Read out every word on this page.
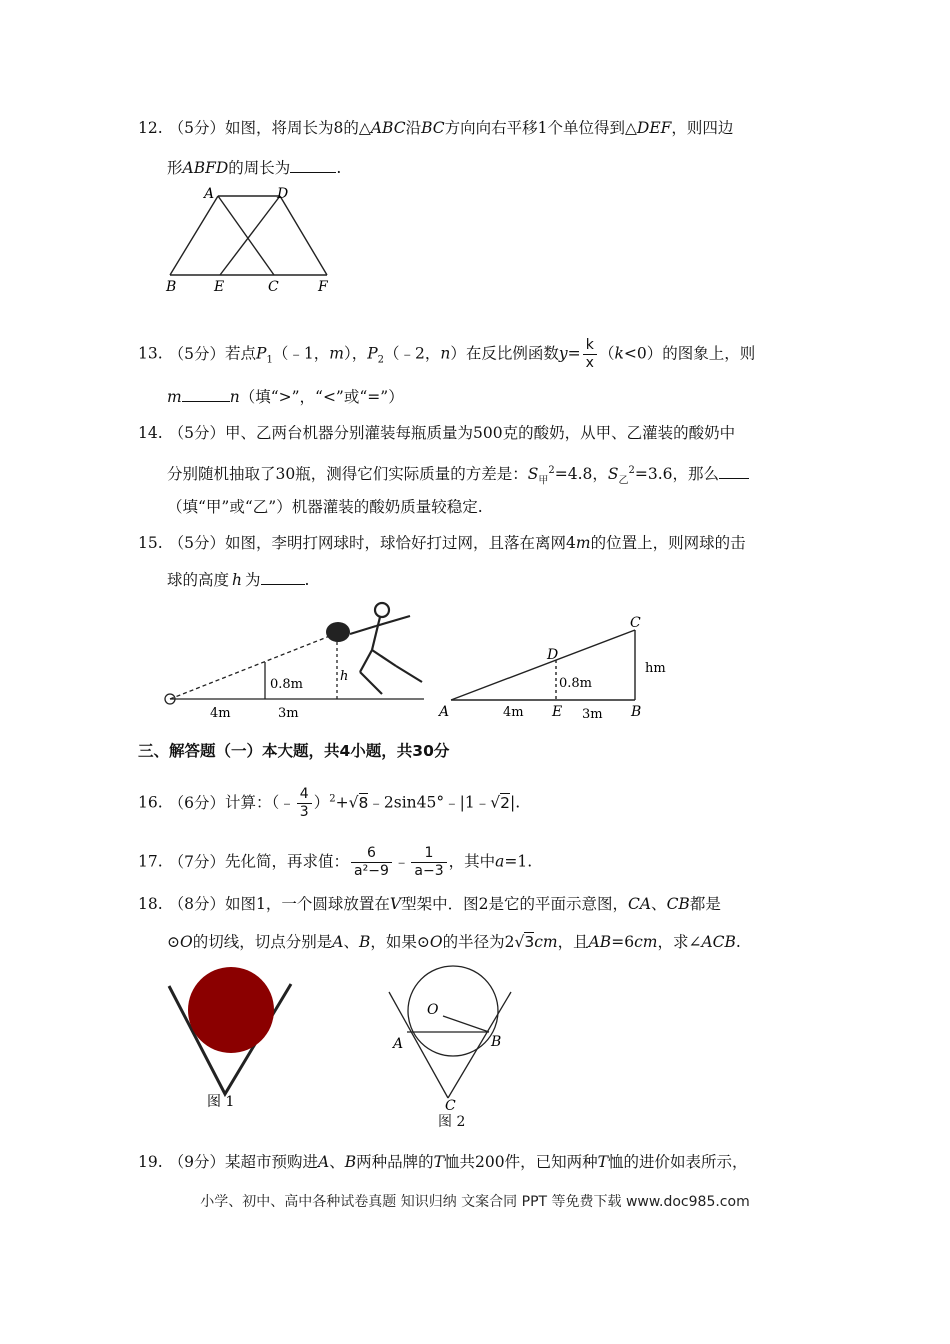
12. （5分）如图，将周长为8的△ABC沿BC方向向右平移1个单位得到△DEF，则四边
形ABFD的周长为	.
A	D
B	E	C	F
13. （5分）若点$P_1(﹣1$，m），$P_2(﹣2$，n）在反比例函数$y= \frac{k}{x} (k<0)$的图象上，则
m	n（填“>”，“<”或“=”）
14. （5分）甲、乙两台机器分别灌装每瓶质量为500克的酸奶，从甲、乙灌装的酸奶中
分别随机抽取了30瓶，测得它们实际质量的方差是：$S_甲^2=4.8$，$S_乙^2=3.6$，那么
（填“甲”或“乙”）机器灌装的酸奶质量较稳定.
15. （5分）如图，李明打网球时，球恰好打过网，且落在离网4m的位置上，则网球的击
球的高度 h 为	.
0.8m
h
4m	3m	A	E	B
C
D
0.8m
hm
4m	3m
三、解答题（一）本大题，共4小题，共30分
16. （6分）计算：（﹣ $\frac{4}{3}$ ）$^2$+√8﹣2sin45°﹣|1﹣√2|.
17. （7分）先化简，再求值： $\frac{6}{\text{a²−9}}$ ﹣ $\frac{1}{a-3}$ ，其中a=1.
18. （8分）如图1，一个圆球放置在V型架中．图2是它的平面示意图，CA、CB都是
⊙O的切线，切点分别是A、B，如果⊙O的半径为2√3cm，且AB=6cm，求∠ACB.
图 1
O
A	B
C
图 2
19. （9分）某超市预购进A、B两种品牌的T恤共200件，已知两种T恤的进价如表所示，
小学、初中、高中各种试卷真题 知识归纳 文案合同 PPT 等免费下载 www.doc985.com
